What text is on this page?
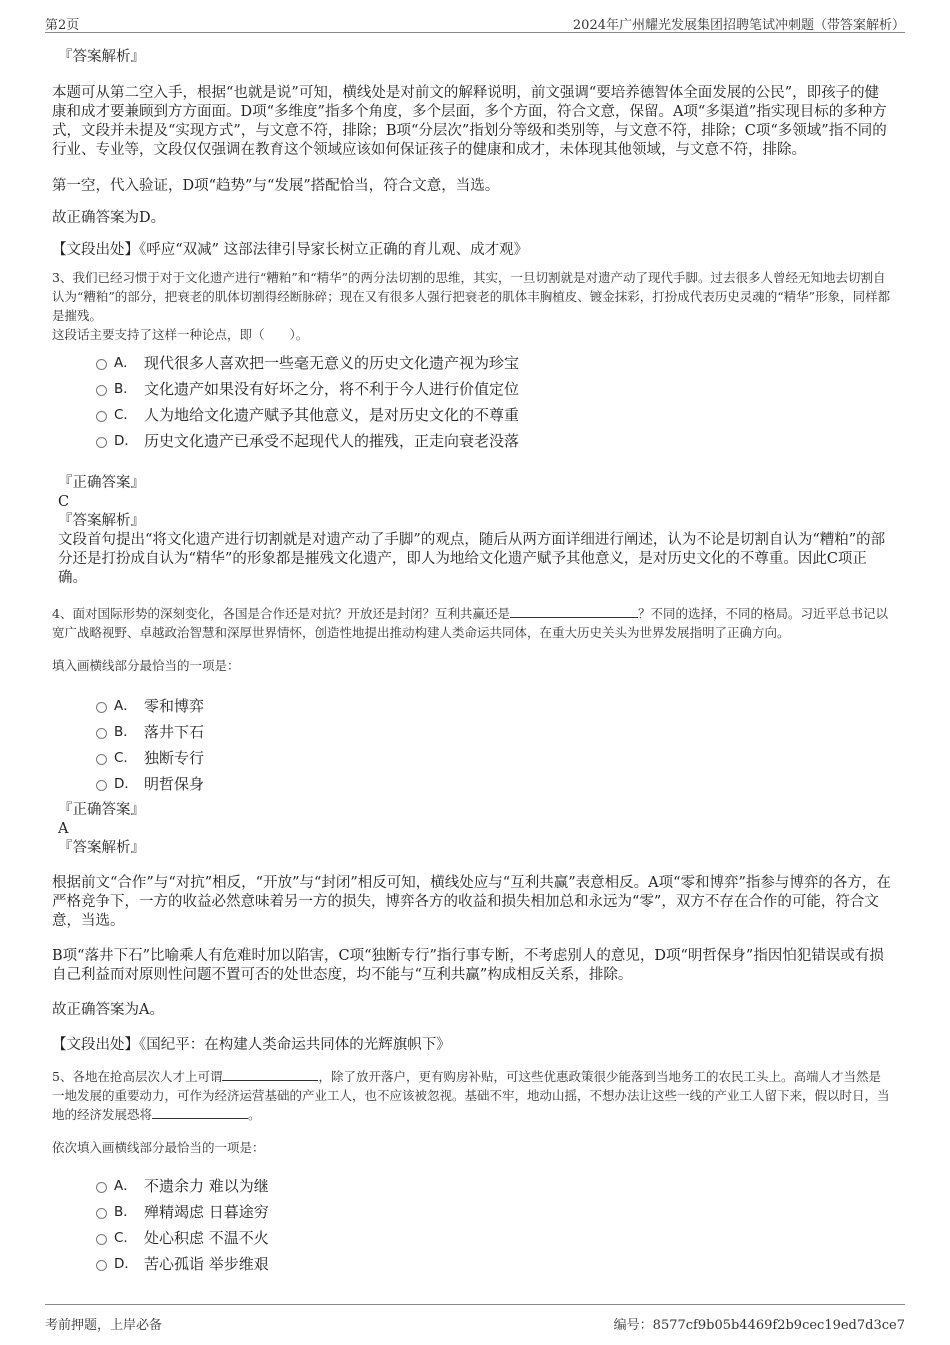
第2页	2024年广州耀光发展集团招聘笔试冲刺题（带答案解析）

『答案解析』

本题可从第二空入手，根据“也就是说”可知，横线处是对前文的解释说明，前文强调“要培养德智体全面发展的公民”，即孩子的健康和成才要兼顾到方方面面。D项“多维度”指多个角度，多个层面，多个方面，符合文意，保留。A项“多渠道”指实现目标的多种方式，文段并未提及“实现方式”，与文意不符，排除；B项“分层次”指划分等级和类别等，与文意不符，排除；C项“多领域”指不同的行业、专业等，文段仅仅强调在教育这个领域应该如何保证孩子的健康和成才，未体现其他领域，与文意不符，排除。

第一空，代入验证，D项“趋势”与“发展”搭配恰当，符合文意，当选。

故正确答案为D。

【文段出处】《呼应“双减” 这部法律引导家长树立正确的育儿观、成才观》

3、我们已经习惯于对于文化遗产进行“糟粕”和“精华”的两分法切割的思维，其实，一旦切割就是对遗产动了现代手脚。过去很多人曾经无知地去切割自认为“糟粕”的部分，把衰老的肌体切割得经断脉碎；现在又有很多人强行把衰老的肌体丰胸植皮、镀金抹彩，打扮成代表历史灵魂的“精华”形象，同样都是摧残。

这段话主要支持了这样一种论点，即（　　）。

A． 现代很多人喜欢把一些毫无意义的历史文化遗产视为珍宝
B． 文化遗产如果没有好坏之分，将不利于今人进行价值定位
C． 人为地给文化遗产赋予其他意义，是对历史文化的不尊重
D． 历史文化遗产已承受不起现代人的摧残，正走向衰老没落

『正确答案』

C

『答案解析』

文段首句提出“将文化遗产进行切割就是对遗产动了手脚”的观点，随后从两方面详细进行阐述，认为不论是切割自认为“糟粕”的部分还是打扮成自认为“精华”的形象都是摧残文化遗产，即人为地给文化遗产赋予其他意义，是对历史文化的不尊重。因此C项正确。

4、面对国际形势的深刻变化，各国是合作还是对抗？开放还是封闭？互利共赢还是	？不同的选择，不同的格局。习近平总书记以宽广战略视野、卓越政治智慧和深厚世界情怀，创造性地提出推动构建人类命运共同体，在重大历史关头为世界发展指明了正确方向。

填入画横线部分最恰当的一项是：

A． 零和博弈
B． 落井下石
C． 独断专行
D． 明哲保身

『正确答案』

A

『答案解析』

根据前文“合作”与“对抗”相反，“开放”与“封闭”相反可知，横线处应与“互利共赢”表意相反。A项“零和博弈”指参与博弈的各方，在严格竞争下，一方的收益必然意味着另一方的损失，博弈各方的收益和损失相加总和永远为“零”，双方不存在合作的可能，符合文意，当选。

B项“落井下石”比喻乘人有危难时加以陷害，C项“独断专行”指行事专断，不考虑别人的意见，D项“明哲保身”指因怕犯错误或有损自己利益而对原则性问题不置可否的处世态度，均不能与“互利共赢”构成相反关系，排除。

故正确答案为A。

【文段出处】《国纪平：在构建人类命运共同体的光辉旗帜下》

5、各地在抢高层次人才上可谓	，除了放开落户，更有购房补贴，可这些优惠政策很少能落到当地务工的农民工头上。高端人才当然是一地发展的重要动力，可作为经济运营基础的产业工人，也不应该被忽视。基础不牢，地动山摇，不想办法让这些一线的产业工人留下来，假以时日，当地的经济发展恐将	。

依次填入画横线部分最恰当的一项是：

A． 不遗余力 难以为继
B． 殚精竭虑 日暮途穷
C． 处心积虑 不温不火
D． 苦心孤诣 举步维艰
考前押题，上岸必备	编号：8577cf9b05b4469f2b9cec19ed7d3ce7
